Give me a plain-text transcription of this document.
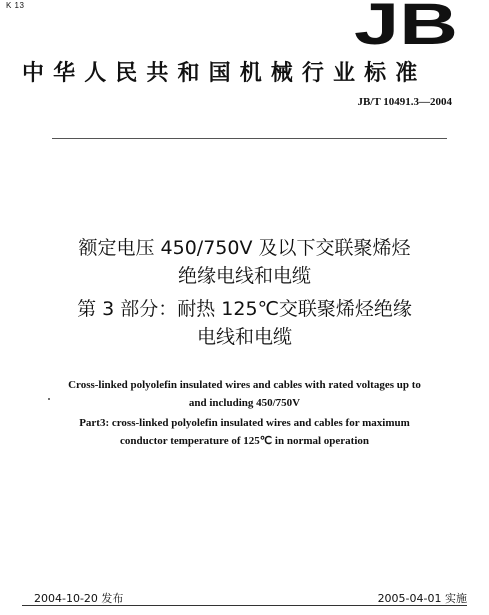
K 13	JB
中华人民共和国机械行业标准
JB/T 10491.3—2004
额定电压 450/750V 及以下交联聚烯烃
绝缘电线和电缆
第 3 部分：耐热 125℃交联聚烯烃绝缘
电线和电缆
Cross-linked polyolefin insulated wires and cables with rated voltages up to
and including 450/750V
Part3: cross-linked polyolefin insulated wires and cables for maximum
conductor temperature of 125℃ in normal operation
2004-10-20 发布	2005-04-01 实施
